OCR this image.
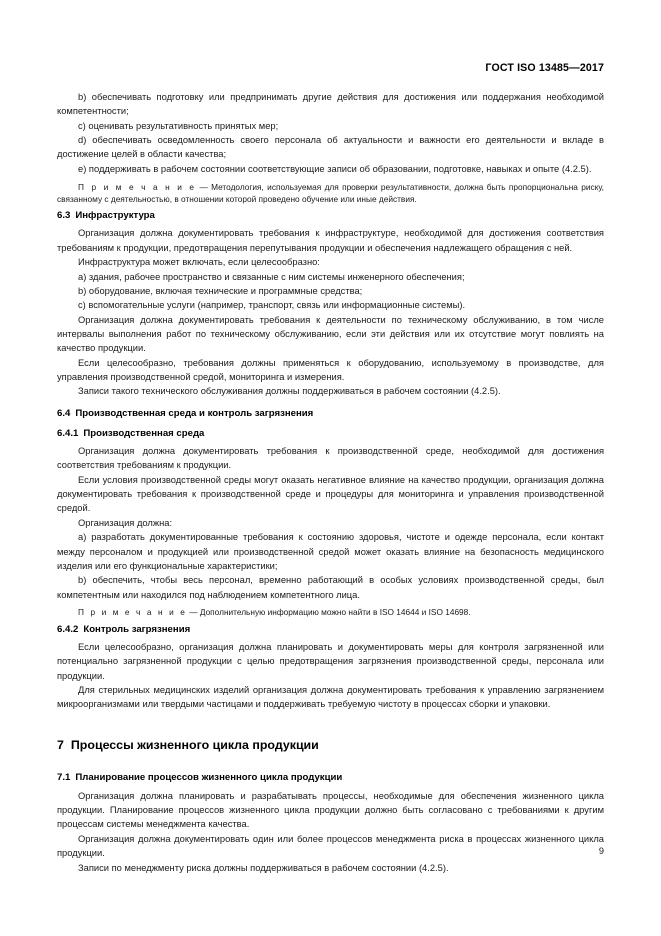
ГОСТ ISO 13485—2017

b) обеспечивать подготовку или предпринимать другие действия для достижения или поддержания необходимой компетентности;

c) оценивать результативность принятых мер;

d) обеспечивать осведомленность своего персонала об актуальности и важности его деятельности и вкладе в достижение целей в области качества;

e) поддерживать в рабочем состоянии соответствующие записи об образовании, подготовке, навыках и опыте (4.2.5).

П р и м е ч а н и е — Методология, используемая для проверки результативности, должна быть пропорциональна риску, связанному с деятельностью, в отношении которой проведено обучение или иные действия.

6.3 Инфраструктура

Организация должна документировать требования к инфраструктуре, необходимой для достижения соответствия требованиям к продукции, предотвращения перепутывания продукции и обеспечения надлежащего обращения с ней.

Инфраструктура может включать, если целесообразно:

a) здания, рабочее пространство и связанные с ним системы инженерного обеспечения;

b) оборудование, включая технические и программные средства;

c) вспомогательные услуги (например, транспорт, связь или информационные системы).

Организация должна документировать требования к деятельности по техническому обслуживанию, в том числе интервалы выполнения работ по техническому обслуживанию, если эти действия или их отсутствие могут повлиять на качество продукции.

Если целесообразно, требования должны применяться к оборудованию, используемому в производстве, для управления производственной средой, мониторинга и измерения.

Записи такого технического обслуживания должны поддерживаться в рабочем состоянии (4.2.5).

6.4 Производственная среда и контроль загрязнения
6.4.1 Производственная среда

Организация должна документировать требования к производственной среде, необходимой для достижения соответствия требованиям к продукции.

Если условия производственной среды могут оказать негативное влияние на качество продукции, организация должна документировать требования к производственной среде и процедуры для мониторинга и управления производственной средой.

Организация должна:

a) разработать документированные требования к состоянию здоровья, чистоте и одежде персонала, если контакт между персоналом и продукцией или производственной средой может оказать влияние на безопасность медицинского изделия или его функциональные характеристики;

b) обеспечить, чтобы весь персонал, временно работающий в особых условиях производственной среды, был компетентным или находился под наблюдением компетентного лица.

П р и м е ч а н и е — Дополнительную информацию можно найти в ISO 14644 и ISO 14698.

6.4.2 Контроль загрязнения

Если целесообразно, организация должна планировать и документировать меры для контроля загрязненной или потенциально загрязненной продукции с целью предотвращения загрязнения производственной среды, персонала или продукции.

Для стерильных медицинских изделий организация должна документировать требования к управлению загрязнением микроорганизмами или твердыми частицами и поддерживать требуемую чистоту в процессах сборки и упаковки.

7 Процессы жизненного цикла продукции
7.1 Планирование процессов жизненного цикла продукции

Организация должна планировать и разрабатывать процессы, необходимые для обеспечения жизненного цикла продукции. Планирование процессов жизненного цикла продукции должно быть согласовано с требованиями к другим процессам системы менеджмента качества.

Организация должна документировать один или более процессов менеджмента риска в процессах жизненного цикла продукции.

Записи по менеджменту риска должны поддерживаться в рабочем состоянии (4.2.5).

9
